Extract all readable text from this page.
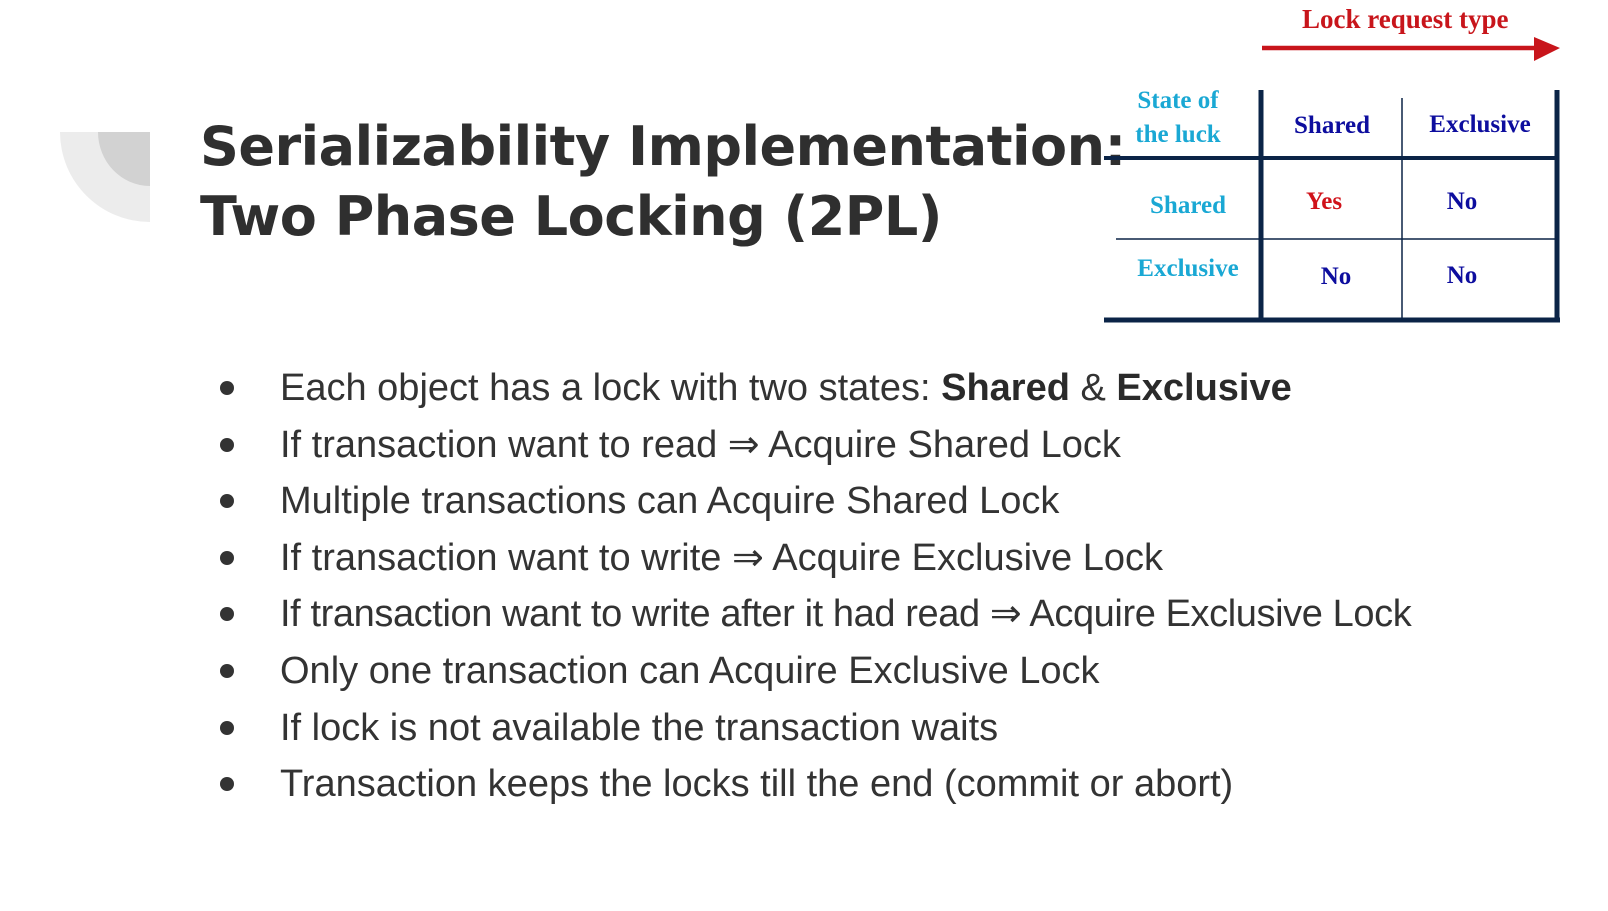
Serializability Implementation:
Two Phase Locking (2PL)
Lock request type
State of
the luck	Shared	Exclusive
Shared	Yes	No
Exclusive	No	No
Each object has a lock with two states: Shared & Exclusive
If transaction want to read ⇒ Acquire Shared Lock
Multiple transactions can Acquire Shared Lock
If transaction want to write ⇒ Acquire Exclusive Lock
If transaction want to write after it had read ⇒ Acquire Exclusive Lock
Only one transaction can Acquire Exclusive Lock
If lock is not available the transaction waits
Transaction keeps the locks till the end (commit or abort)
